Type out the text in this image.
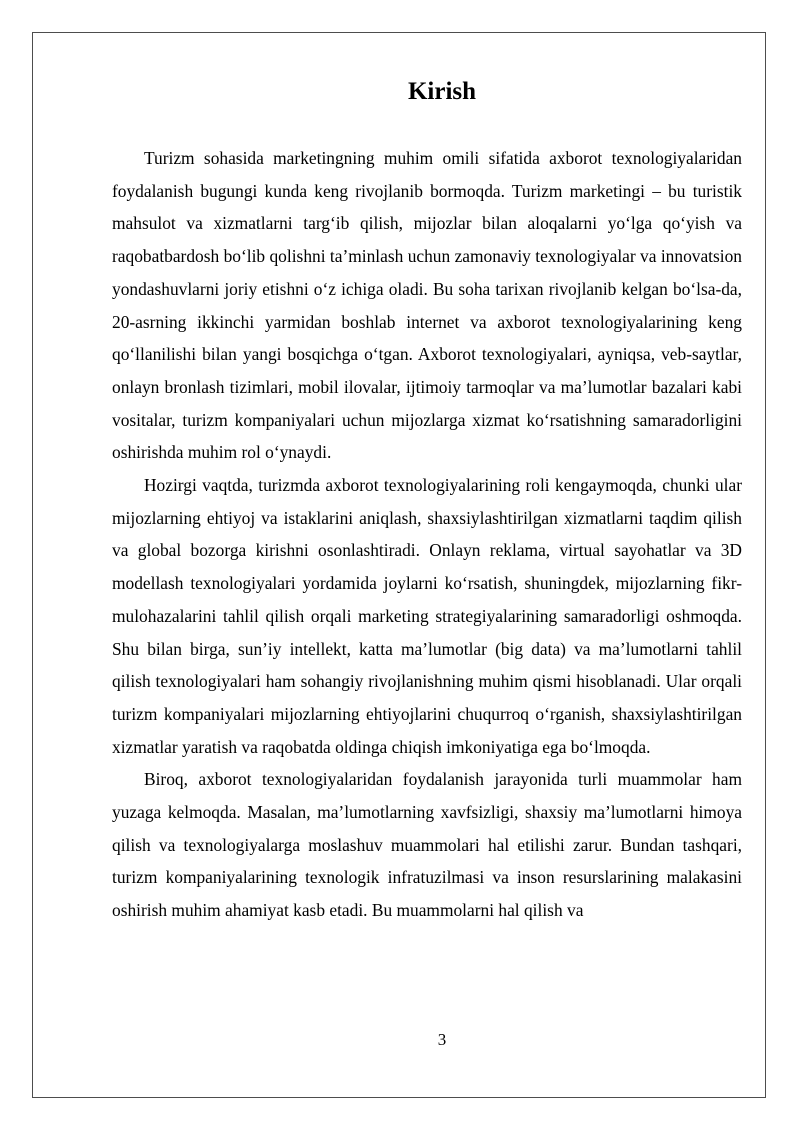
Kirish

Turizm sohasida marketingning muhim omili sifatida axborot texnologiyalaridan foydalanish bugungi kunda keng rivojlanib bormoqda. Turizm marketingi – bu turistik mahsulot va xizmatlarni targ‘ib qilish, mijozlar bilan aloqalarni yo‘lga qo‘yish va raqobatbardosh bo‘lib qolishni ta’minlash uchun zamonaviy texnologiyalar va innovatsion yondashuvlarni joriy etishni o‘z ichiga oladi. Bu soha tarixan rivojlanib kelgan bo‘lsa-da, 20-asrning ikkinchi yarmidan boshlab internet va axborot texnologiyalarining keng qo‘llanilishi bilan yangi bosqichga o‘tgan. Axborot texnologiyalari, ayniqsa, veb-saytlar, onlayn bronlash tizimlari, mobil ilovalar, ijtimoiy tarmoqlar va ma’lumotlar bazalari kabi vositalar, turizm kompaniyalari uchun mijozlarga xizmat ko‘rsatishning samaradorligini oshirishda muhim rol o‘ynaydi.

Hozirgi vaqtda, turizmda axborot texnologiyalarining roli kengaymoqda, chunki ular mijozlarning ehtiyoj va istaklarini aniqlash, shaxsiylashtirilgan xizmatlarni taqdim qilish va global bozorga kirishni osonlashtiradi. Onlayn reklama, virtual sayohatlar va 3D modellash texnologiyalari yordamida joylarni ko‘rsatish, shuningdek, mijozlarning fikr-mulohazalarini tahlil qilish orqali marketing strategiyalarining samaradorligi oshmoqda. Shu bilan birga, sun’iy intellekt, katta ma’lumotlar (big data) va ma’lumotlarni tahlil qilish texnologiyalari ham sohangiy rivojlanishning muhim qismi hisoblanadi. Ular orqali turizm kompaniyalari mijozlarning ehtiyojlarini chuqurroq o‘rganish, shaxsiylashtirilgan xizmatlar yaratish va raqobatda oldinga chiqish imkoniyatiga ega bo‘lmoqda.

Biroq, axborot texnologiyalaridan foydalanish jarayonida turli muammolar ham yuzaga kelmoqda. Masalan, ma’lumotlarning xavfsizligi, shaxsiy ma’lumotlarni himoya qilish va texnologiyalarga moslashuv muammolari hal etilishi zarur. Bundan tashqari, turizm kompaniyalarining texnologik infratuzilmasi va inson resurslarining malakasini oshirish muhim ahamiyat kasb etadi. Bu muammolarni hal qilish va

3
